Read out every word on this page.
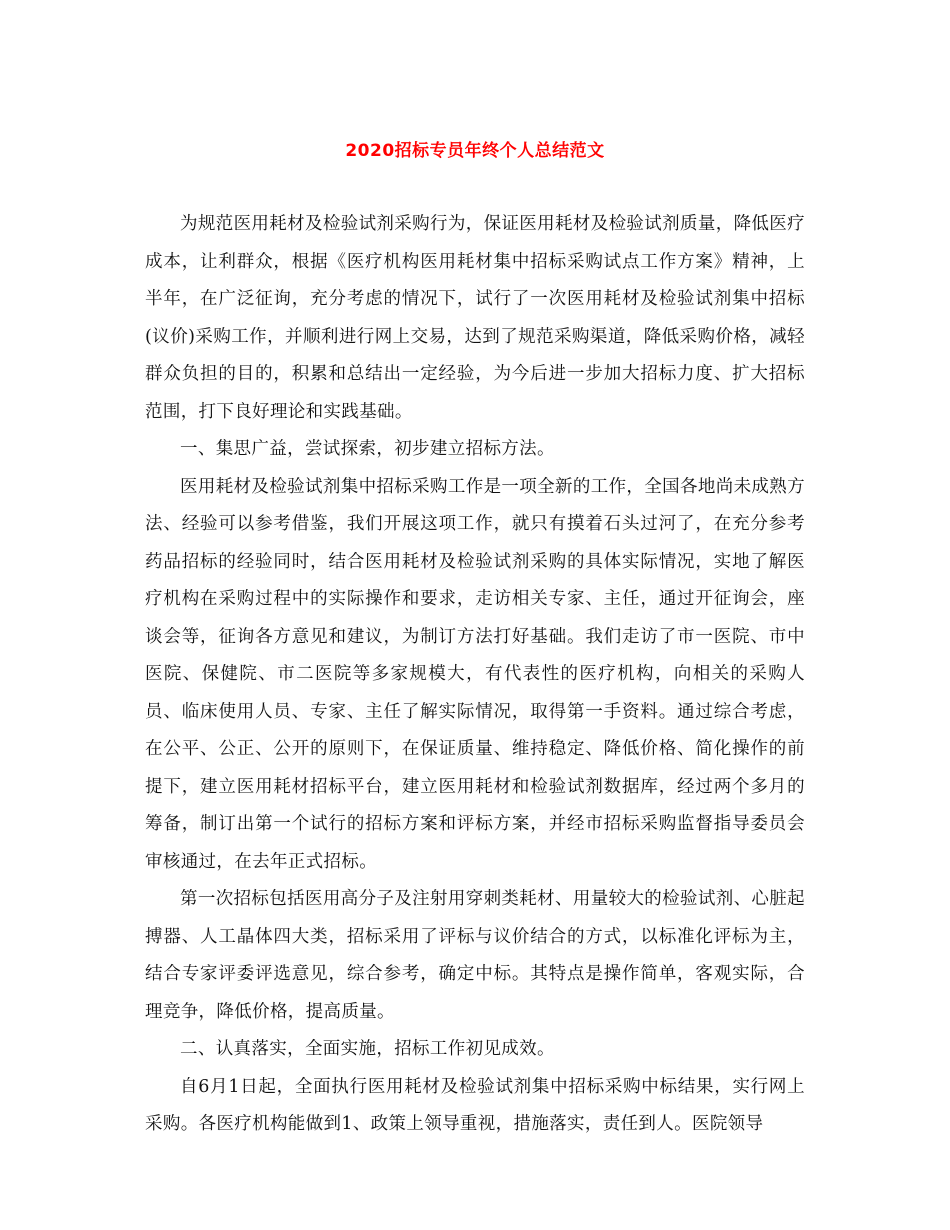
2020招标专员年终个人总结范文

为规范医用耗材及检验试剂采购行为，保证医用耗材及检验试剂质量，降低医疗成本，让利群众，根据《医疗机构医用耗材集中招标采购试点工作方案》精神，上半年，在广泛征询，充分考虑的情况下，试行了一次医用耗材及检验试剂集中招标(议价)采购工作，并顺利进行网上交易，达到了规范采购渠道，降低采购价格，减轻群众负担的目的，积累和总结出一定经验，为今后进一步加大招标力度、扩大招标范围，打下良好理论和实践基础。

一、集思广益，尝试探索，初步建立招标方法。

医用耗材及检验试剂集中招标采购工作是一项全新的工作，全国各地尚未成熟方法、经验可以参考借鉴，我们开展这项工作，就只有摸着石头过河了，在充分参考药品招标的经验同时，结合医用耗材及检验试剂采购的具体实际情况，实地了解医疗机构在采购过程中的实际操作和要求，走访相关专家、主任，通过开征询会，座谈会等，征询各方意见和建议，为制订方法打好基础。我们走访了市一医院、市中医院、保健院、市二医院等多家规模大，有代表性的医疗机构，向相关的采购人员、临床使用人员、专家、主任了解实际情况，取得第一手资料。通过综合考虑，在公平、公正、公开的原则下，在保证质量、维持稳定、降低价格、简化操作的前提下，建立医用耗材招标平台，建立医用耗材和检验试剂数据库，经过两个多月的筹备，制订出第一个试行的招标方案和评标方案，并经市招标采购监督指导委员会审核通过，在去年正式招标。

第一次招标包括医用高分子及注射用穿刺类耗材、用量较大的检验试剂、心脏起搏器、人工晶体四大类，招标采用了评标与议价结合的方式，以标准化评标为主，结合专家评委评选意见，综合参考，确定中标。其特点是操作简单，客观实际，合理竞争，降低价格，提高质量。

二、认真落实，全面实施，招标工作初见成效。

自6月1日起，全面执行医用耗材及检验试剂集中招标采购中标结果，实行网上采购。各医疗机构能做到1、政策上领导重视，措施落实，责任到人。医院领导
